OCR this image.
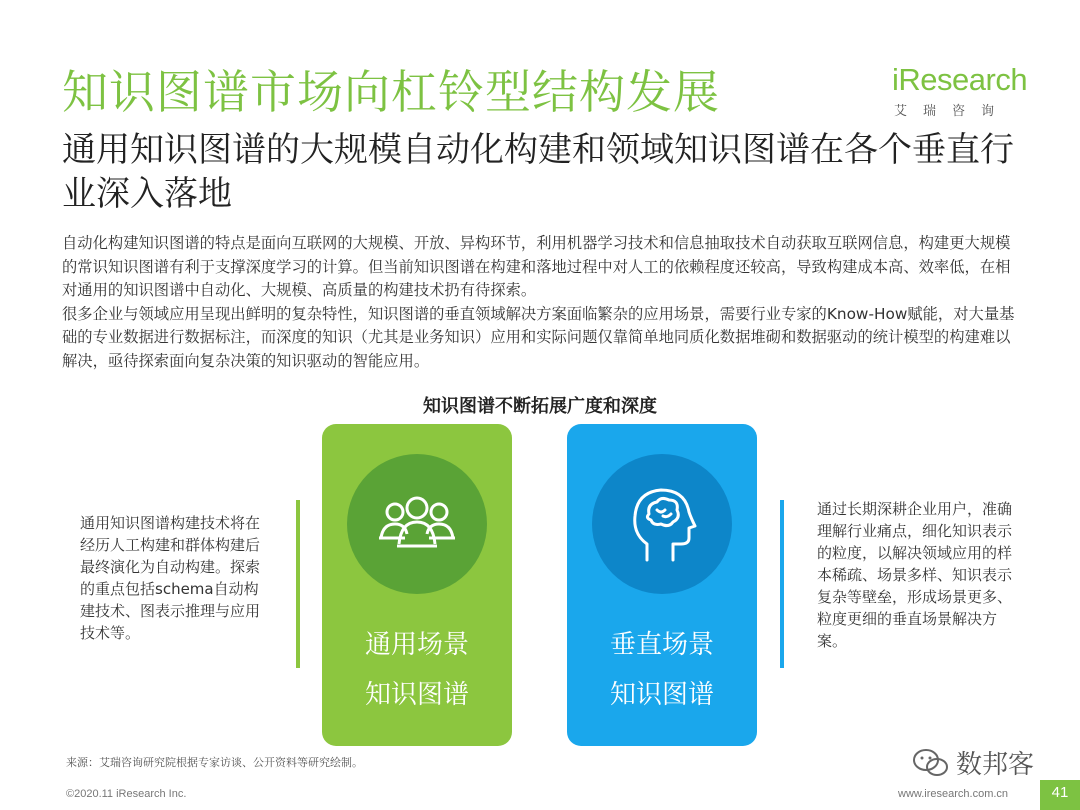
知识图谱市场向杠铃型结构发展	iResearch
艾瑞咨询
通用知识图谱的大规模自动化构建和领域知识图谱在各个垂直行业深入落地

自动化构建知识图谱的特点是面向互联网的大规模、开放、异构环节，利用机器学习技术和信息抽取技术自动获取互联网信息，构建更大规模的常识知识图谱有利于支撑深度学习的计算。但当前知识图谱在构建和落地过程中对人工的依赖程度还较高，导致构建成本高、效率低，在相对通用的知识图谱中自动化、大规模、高质量的构建技术扔有待探索。

很多企业与领域应用呈现出鲜明的复杂特性，知识图谱的垂直领域解决方案面临繁杂的应用场景，需要行业专家的Know-How赋能，对大量基础的专业数据进行数据标注，而深度的知识（尤其是业务知识）应用和实际问题仅靠简单地同质化数据堆砌和数据驱动的统计模型的构建难以解决，亟待探索面向复杂决策的知识驱动的智能应用。

知识图谱不断拓展广度和深度
通用知识图谱构建技术将在经历人工构建和群体构建后最终演化为自动构建。探索的重点包括schema自动构建技术、图表示推理与应用技术等。	通用场景
知识图谱
垂直场景
知识图谱
通过长期深耕企业用户，准确理解行业痛点，细化知识表示的粒度，以解决领域应用的样本稀疏、场景多样、知识表示复杂等壁垒，形成场景更多、粒度更细的垂直场景解决方案。
来源：艾瑞咨询研究院根据专家访谈、公开资料等研究绘制。	数邦客
©2020.11 iResearch Inc.	www.iresearch.com.cn	41
